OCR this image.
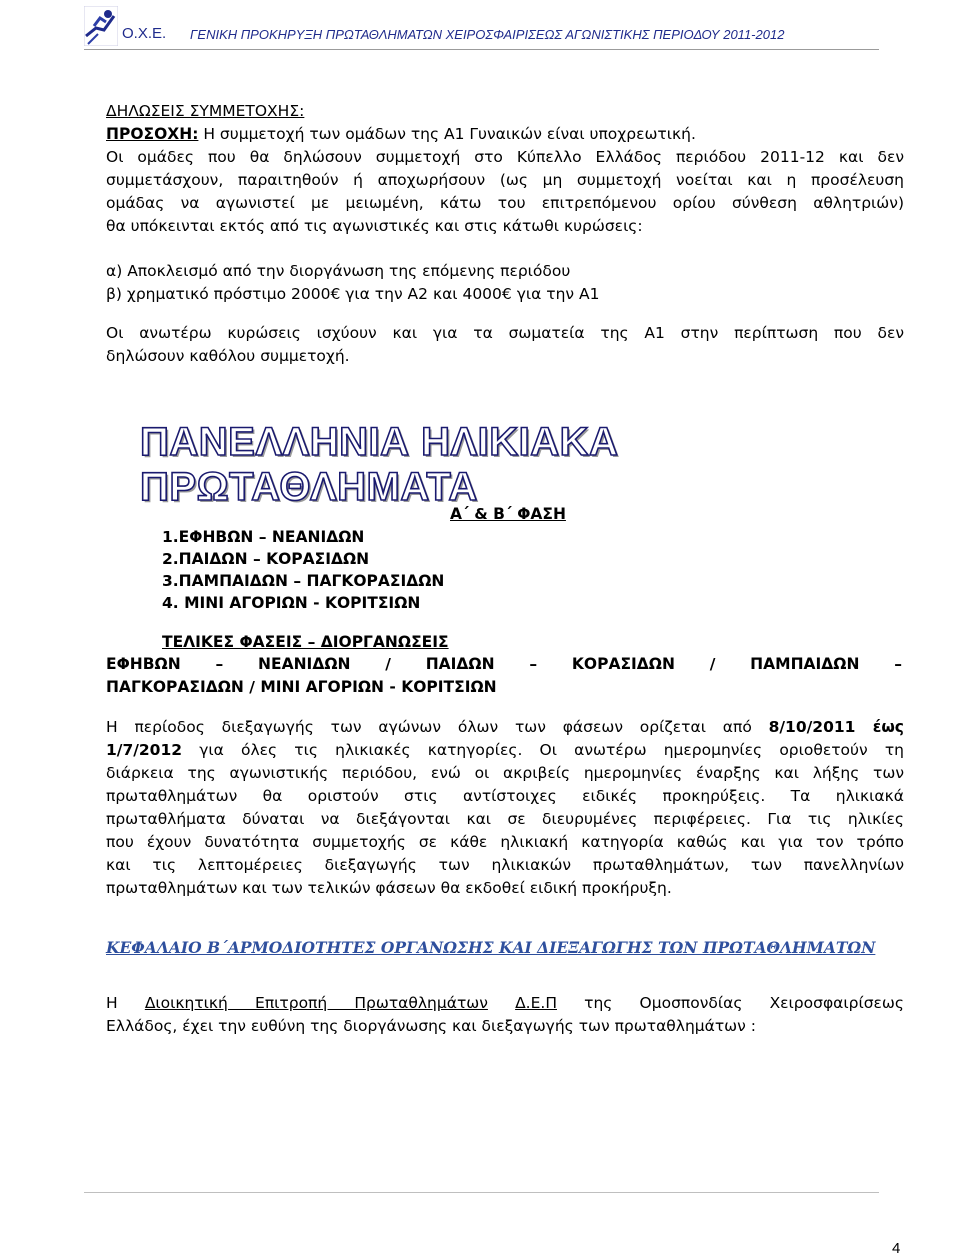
Ο.Χ.Ε. ΓΕΝΙΚΗ ΠΡΟΚΗΡΥΞΗ ΠΡΩΤΑΘΛΗΜΑΤΩΝ ΧΕΙΡΟΣΦΑΙΡΙΣΕΩΣ ΑΓΩΝΙΣΤΙΚΗΣ ΠΕΡΙΟΔΟΥ 2011-2012
ΔΗΛΩΣΕΙΣ ΣΥΜΜΕΤΟΧΗΣ:
ΠΡΟΣΟΧΗ: Η συμμετοχή των ομάδων της Α1 Γυναικών είναι υποχρεωτική.
Οι ομάδες που θα δηλώσουν συμμετοχή στο Κύπελλο Ελλάδος περιόδου 2011-12 και δεν
συμμετάσχουν, παραιτηθούν ή αποχωρήσουν (ως μη συμμετοχή νοείται και η προσέλευση
ομάδας να αγωνιστεί με μειωμένη, κάτω του επιτρεπόμενου ορίου σύνθεση αθλητριών)
θα υπόκεινται εκτός από τις αγωνιστικές και στις κάτωθι κυρώσεις:
α) Αποκλεισμό από την διοργάνωση της επόμενης περιόδου
β) χρηματικό πρόστιμο 2000€ για την Α2 και 4000€ για την Α1
Οι ανωτέρω κυρώσεις ισχύουν και για τα σωματεία της Α1 στην περίπτωση που δεν
δηλώσουν καθόλου συμμετοχή.
ΠΑΝΕΛΛΗΝΙΑ ΗΛΙΚΙΑΚΑ ΠΡΩΤΑΘΛΗΜΑΤΑ
Α΄ & Β΄ ΦΑΣΗ
1.ΕΦΗΒΩΝ – ΝΕΑΝΙΔΩΝ
2.ΠΑΙΔΩΝ – ΚΟΡΑΣΙΔΩΝ
3.ΠΑΜΠΑΙΔΩΝ – ΠΑΓΚΟΡΑΣΙΔΩΝ
4. ΜΙΝΙ ΑΓΟΡΙΩΝ - ΚΟΡΙΤΣΙΩΝ
ΤΕΛΙΚΕΣ ΦΑΣΕΙΣ – ΔΙΟΡΓΑΝΩΣΕΙΣ
ΕΦΗΒΩΝ – ΝΕΑΝΙΔΩΝ / ΠΑΙΔΩΝ – ΚΟΡΑΣΙΔΩΝ / ΠΑΜΠΑΙΔΩΝ –
ΠΑΓΚΟΡΑΣΙΔΩΝ / ΜΙΝΙ ΑΓΟΡΙΩΝ - ΚΟΡΙΤΣΙΩΝ
Η περίοδος διεξαγωγής των αγώνων όλων των φάσεων ορίζεται από 8/10/2011 έως
1/7/2012 για όλες τις ηλικιακές κατηγορίες. Οι ανωτέρω ημερομηνίες οριοθετούν τη
διάρκεια της αγωνιστικής περιόδου, ενώ οι ακριβείς ημερομηνίες έναρξης και λήξης των
πρωταθλημάτων θα οριστούν στις αντίστοιχες ειδικές προκηρύξεις. Τα ηλικιακά
πρωταθλήματα δύναται να διεξάγονται και σε διευρυμένες περιφέρειες. Για τις ηλικίες
που έχουν δυνατότητα συμμετοχής σε κάθε ηλικιακή κατηγορία καθώς και για τον τρόπο
και τις λεπτομέρειες διεξαγωγής των ηλικιακών πρωταθλημάτων, των πανελληνίων
πρωταθλημάτων και των τελικών φάσεων θα εκδοθεί ειδική προκήρυξη.
ΚΕΦΑΛΑΙΟ Β΄ΑΡΜΟΔΙΟΤΗΤΕΣ ΟΡΓΑΝΩΣΗΣ ΚΑΙ ΔΙΕΞΑΓΩΓΗΣ ΤΩΝ ΠΡΩΤΑΘΛΗΜΑΤΩΝ
Η Διοικητική Επιτροπή Πρωταθλημάτων Δ.Ε.Π της Ομοσπονδίας Χειροσφαιρίσεως
Ελλάδος, έχει την ευθύνη της διοργάνωσης και διεξαγωγής των πρωταθλημάτων :
4
